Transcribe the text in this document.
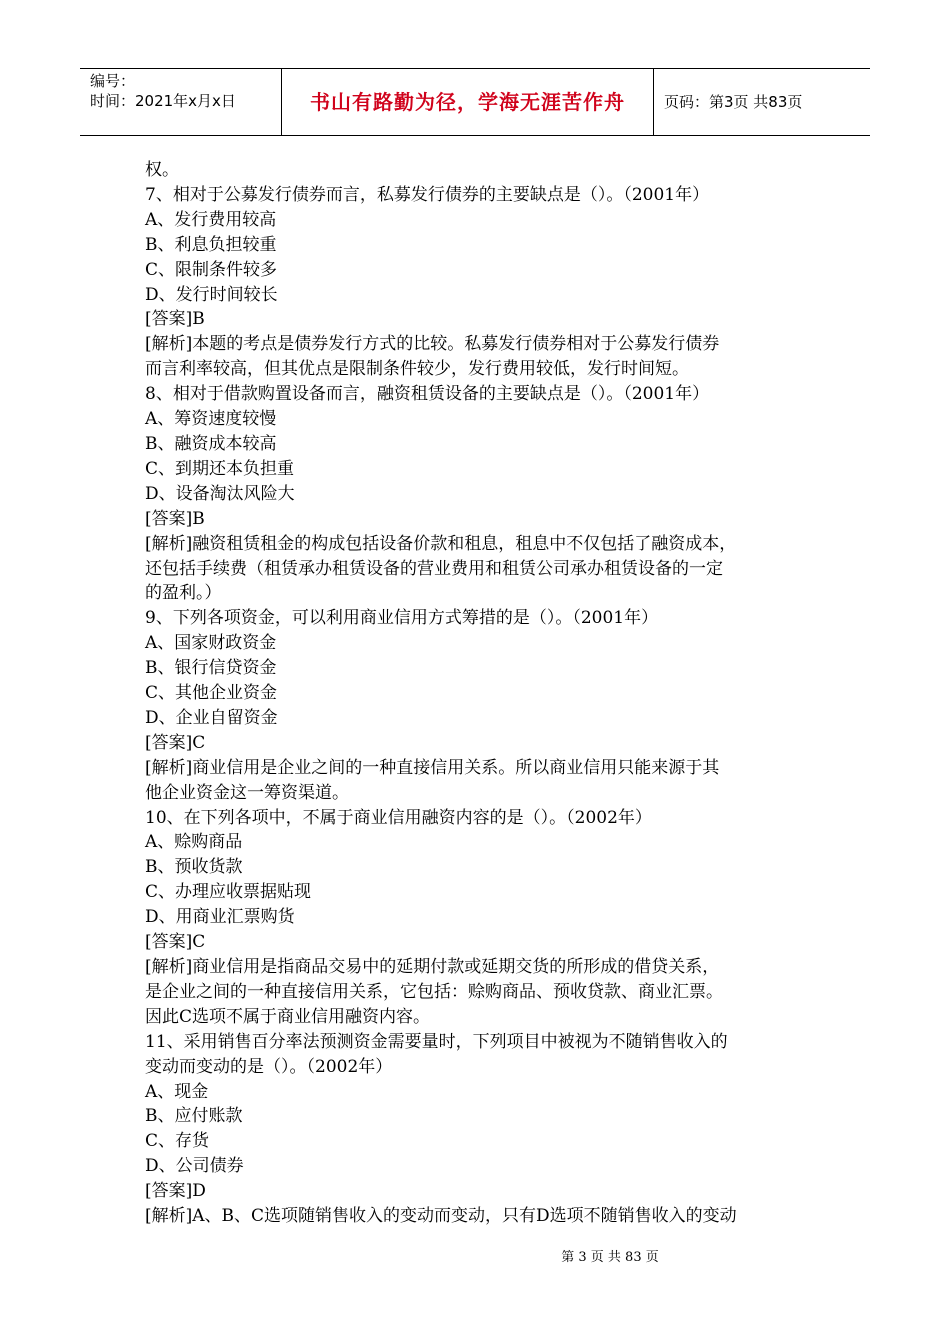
编号：
时间：2021年x月x日	书山有路勤为径，学海无涯苦作舟	页码：第3页 共83页
权。
7、相对于公募发行债券而言，私募发行债券的主要缺点是（）。（2001年）
A、发行费用较高
B、利息负担较重
C、限制条件较多
D、发行时间较长
[答案]B
[解析]本题的考点是债券发行方式的比较。私募发行债券相对于公募发行债券
而言利率较高，但其优点是限制条件较少，发行费用较低，发行时间短。
8、相对于借款购置设备而言，融资租赁设备的主要缺点是（）。（2001年）
A、筹资速度较慢
B、融资成本较高
C、到期还本负担重
D、设备淘汰风险大
[答案]B
[解析]融资租赁租金的构成包括设备价款和租息，租息中不仅包括了融资成本，
还包括手续费（租赁承办租赁设备的营业费用和租赁公司承办租赁设备的一定
的盈利。）
9、下列各项资金，可以利用商业信用方式筹措的是（）。（2001年）
A、国家财政资金
B、银行信贷资金
C、其他企业资金
D、企业自留资金
[答案]C
[解析]商业信用是企业之间的一种直接信用关系。所以商业信用只能来源于其
他企业资金这一筹资渠道。
10、在下列各项中，不属于商业信用融资内容的是（）。（2002年）
A、赊购商品
B、预收货款
C、办理应收票据贴现
D、用商业汇票购货
[答案]C
[解析]商业信用是指商品交易中的延期付款或延期交货的所形成的借贷关系，
是企业之间的一种直接信用关系，它包括：赊购商品、预收贷款、商业汇票。
因此C选项不属于商业信用融资内容。
11、采用销售百分率法预测资金需要量时，下列项目中被视为不随销售收入的
变动而变动的是（）。（2002年）
A、现金
B、应付账款
C、存货
D、公司债券
[答案]D
[解析]A、B、C选项随销售收入的变动而变动，只有D选项不随销售收入的变动
第 3 页 共 83 页
